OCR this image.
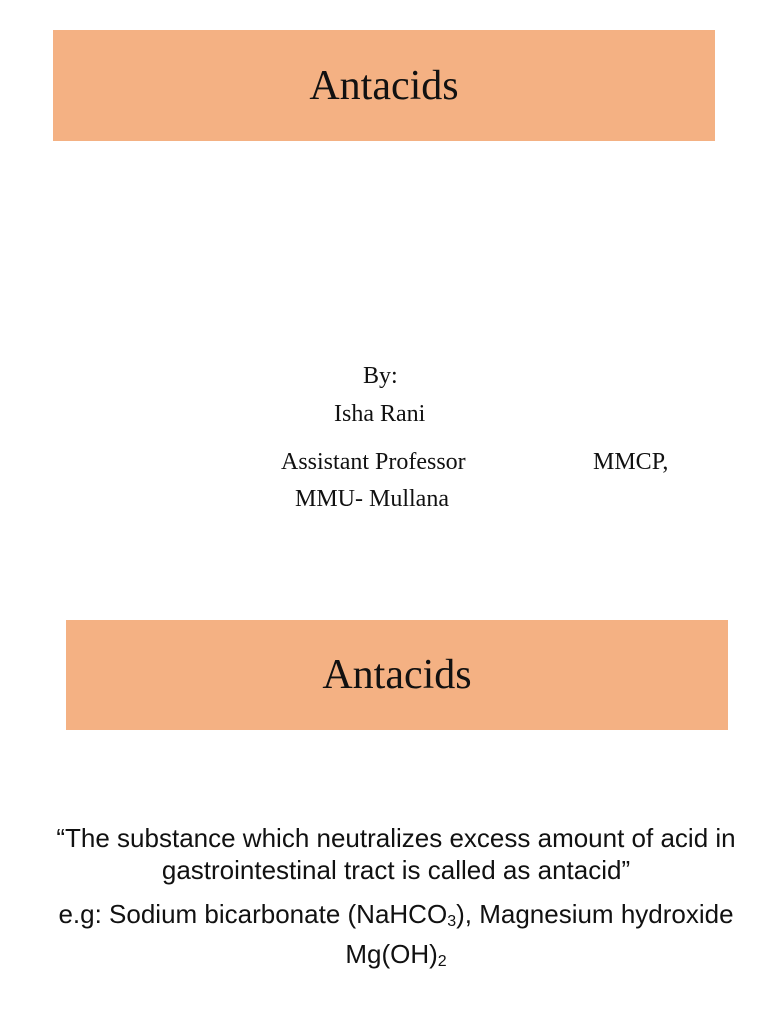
Antacids
By:
Isha Rani
Assistant Professor	MMCP,
MMU- Mullana
Antacids
“The substance which neutralizes excess amount of acid in gastrointestinal tract is called as antacid”
e.g: Sodium bicarbonate (NaHCO$_3$), Magnesium hydroxide $Mg(OH)_2$
